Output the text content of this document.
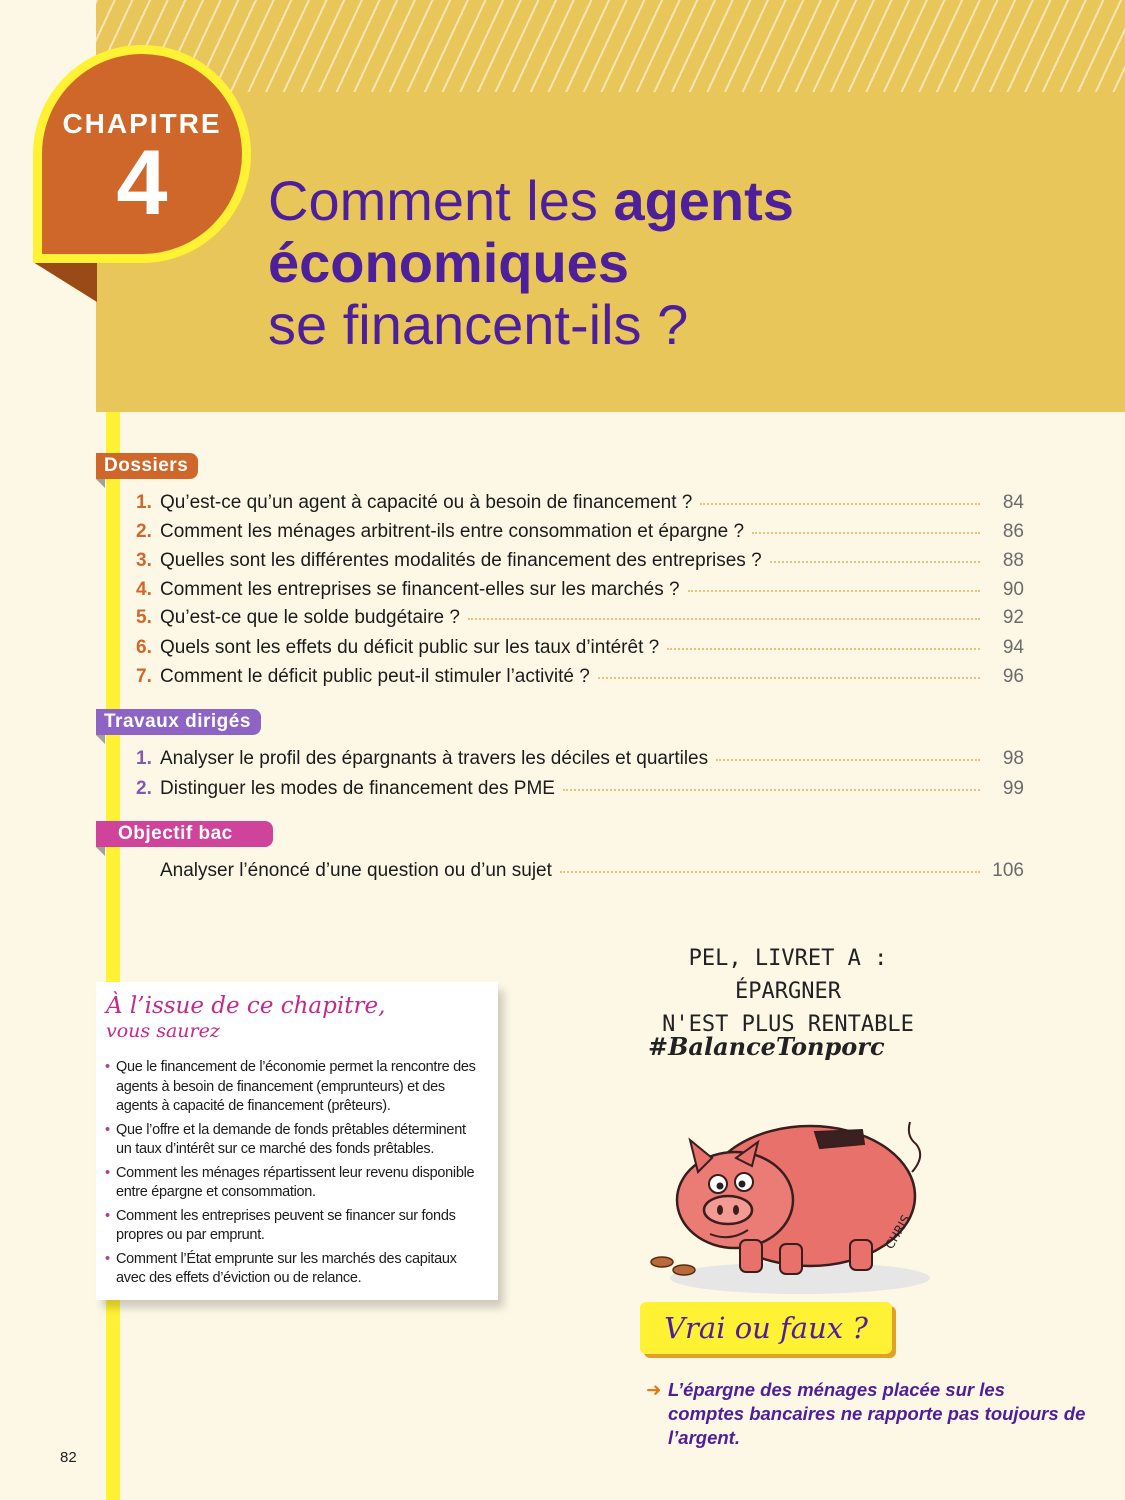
CHAPITRE
4	Comment les agents
économiques
se financent-ils ?
Dossiers
1. Qu’est-ce qu’un agent à capacité ou à besoin de financement ?	84
2. Comment les ménages arbitrent-ils entre consommation et épargne ?	86
3. Quelles sont les différentes modalités de financement des entreprises ?	88
4. Comment les entreprises se financent-elles sur les marchés ?	90
5. Qu’est-ce que le solde budgétaire ?	92
6. Quels sont les effets du déficit public sur les taux d’intérêt ?	94
7. Comment le déficit public peut-il stimuler l’activité ?	96
Travaux dirigés
1. Analyser le profil des épargnants à travers les déciles et quartiles	98
2. Distinguer les modes de financement des PME	99
Objectif bac
Analyser l’énoncé d’une question ou d’un sujet	106
À l’issue de ce chapitre,
vous saurez
• Que le financement de l’économie permet la rencontre des agents à besoin de financement (emprunteurs) et des agents à capacité de financement (prêteurs).
• Que l’offre et la demande de fonds prêtables déterminent un taux d’intérêt sur ce marché des fonds prêtables.
• Comment les ménages répartissent leur revenu disponible entre épargne et consommation.
• Comment les entreprises peuvent se financer sur fonds propres ou par emprunt.
• Comment l’État emprunte sur les marchés des capitaux avec des effets d’éviction ou de relance.
PEL, LIVRET A : ÉPARGNER
N'EST PLUS RENTABLE
#BalanceTonporc
CHRIS
Vrai ou faux ?
➜ L’épargne des ménages placée sur les comptes bancaires ne rapporte pas toujours de l’argent.
82
